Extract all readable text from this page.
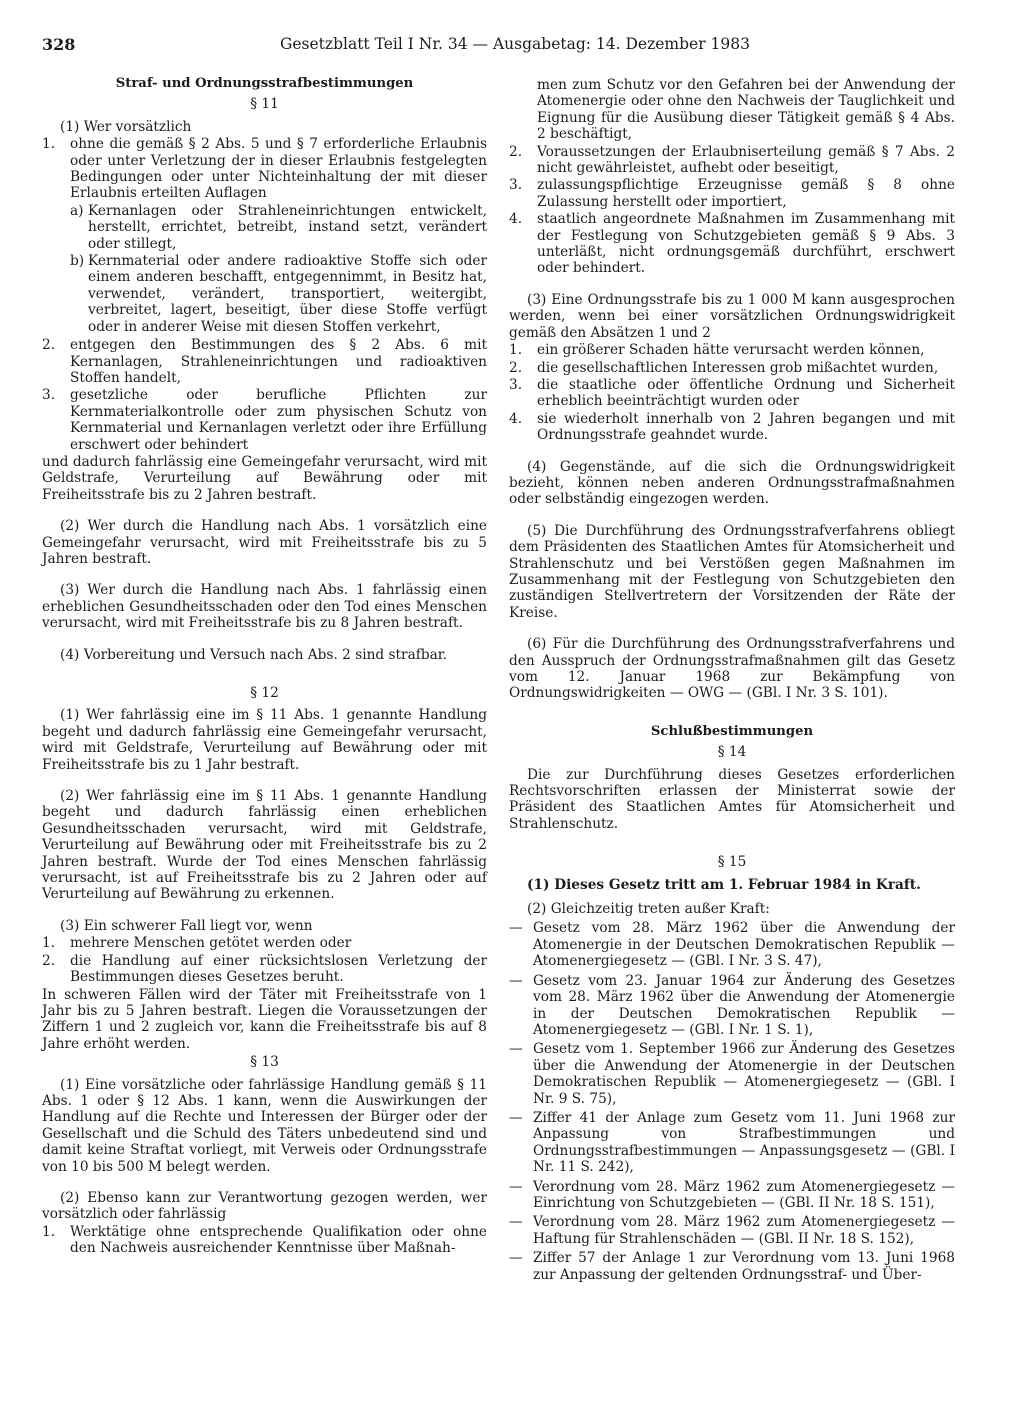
328	Gesetzblatt Teil I Nr. 34 — Ausgabetag: 14. Dezember 1983

Straf- und Ordnungsstrafbestimmungen

§ 11

(1) Wer vorsätzlich

1.	ohne die gemäß § 2 Abs. 5 und § 7 erforderliche Erlaubnis oder unter Verletzung der in dieser Erlaubnis festgelegten Bedingungen oder unter Nichteinhaltung der mit dieser Erlaubnis erteilten Auflagen
a) Kernanlagen oder Strahleneinrichtungen entwickelt, herstellt, errichtet, betreibt, instand setzt, verändert oder stillegt,
b) Kernmaterial oder andere radioaktive Stoffe sich oder einem anderen beschafft, entgegennimmt, in Besitz hat, verwendet, verändert, transportiert, weitergibt, verbreitet, lagert, beseitigt, über diese Stoffe verfügt oder in anderer Weise mit diesen Stoffen verkehrt,
2.	entgegen den Bestimmungen des § 2 Abs. 6 mit Kernanlagen, Strahleneinrichtungen und radioaktiven Stoffen handelt,
3.	gesetzliche oder berufliche Pflichten zur Kernmaterialkontrolle oder zum physischen Schutz von Kernmaterial und Kernanlagen verletzt oder ihre Erfüllung erschwert oder behindert

und dadurch fahrlässig eine Gemeingefahr verursacht, wird mit Geldstrafe, Verurteilung auf Bewährung oder mit Freiheitsstrafe bis zu 2 Jahren bestraft.

(2) Wer durch die Handlung nach Abs. 1 vorsätzlich eine Gemeingefahr verursacht, wird mit Freiheitsstrafe bis zu 5 Jahren bestraft.

(3) Wer durch die Handlung nach Abs. 1 fahrlässig einen erheblichen Gesundheitsschaden oder den Tod eines Menschen verursacht, wird mit Freiheitsstrafe bis zu 8 Jahren bestraft.

(4) Vorbereitung und Versuch nach Abs. 2 sind strafbar.

§ 12

(1) Wer fahrlässig eine im § 11 Abs. 1 genannte Handlung begeht und dadurch fahrlässig eine Gemeingefahr verursacht, wird mit Geldstrafe, Verurteilung auf Bewährung oder mit Freiheitsstrafe bis zu 1 Jahr bestraft.

(2) Wer fahrlässig eine im § 11 Abs. 1 genannte Handlung begeht und dadurch fahrlässig einen erheblichen Gesundheitsschaden verursacht, wird mit Geldstrafe, Verurteilung auf Bewährung oder mit Freiheitsstrafe bis zu 2 Jahren bestraft. Wurde der Tod eines Menschen fahrlässig verursacht, ist auf Freiheitsstrafe bis zu 2 Jahren oder auf Verurteilung auf Bewährung zu erkennen.

(3) Ein schwerer Fall liegt vor, wenn

1.	mehrere Menschen getötet werden oder
2.	die Handlung auf einer rücksichtslosen Verletzung der Bestimmungen dieses Gesetzes beruht.

In schweren Fällen wird der Täter mit Freiheitsstrafe von 1 Jahr bis zu 5 Jahren bestraft. Liegen die Voraussetzungen der Ziffern 1 und 2 zugleich vor, kann die Freiheitsstrafe bis auf 8 Jahre erhöht werden.

§ 13

(1) Eine vorsätzliche oder fahrlässige Handlung gemäß § 11 Abs. 1 oder § 12 Abs. 1 kann, wenn die Auswirkungen der Handlung auf die Rechte und Interessen der Bürger oder der Gesellschaft und die Schuld des Täters unbedeutend sind und damit keine Straftat vorliegt, mit Verweis oder Ordnungsstrafe von 10 bis 500 M belegt werden.

(2) Ebenso kann zur Verantwortung gezogen werden, wer vorsätzlich oder fahrlässig

1.	Werktätige ohne entsprechende Qualifikation oder ohne den Nachweis ausreichender Kenntnisse über Maßnah-
men zum Schutz vor den Gefahren bei der Anwendung der Atomenergie oder ohne den Nachweis der Tauglichkeit und Eignung für die Ausübung dieser Tätigkeit gemäß § 4 Abs. 2 beschäftigt,
2.	Voraussetzungen der Erlaubniserteilung gemäß § 7 Abs. 2 nicht gewährleistet, aufhebt oder beseitigt,
3.	zulassungspflichtige Erzeugnisse gemäß § 8 ohne Zulassung herstellt oder importiert,
4.	staatlich angeordnete Maßnahmen im Zusammenhang mit der Festlegung von Schutzgebieten gemäß § 9 Abs. 3 unterläßt, nicht ordnungsgemäß durchführt, erschwert oder behindert.

(3) Eine Ordnungsstrafe bis zu 1 000 M kann ausgesprochen werden, wenn bei einer vorsätzlichen Ordnungswidrigkeit gemäß den Absätzen 1 und 2

1.	ein größerer Schaden hätte verursacht werden können,
2.	die gesellschaftlichen Interessen grob mißachtet wurden,
3.	die staatliche oder öffentliche Ordnung und Sicherheit erheblich beeinträchtigt wurden oder
4.	sie wiederholt innerhalb von 2 Jahren begangen und mit Ordnungsstrafe geahndet wurde.

(4) Gegenstände, auf die sich die Ordnungswidrigkeit bezieht, können neben anderen Ordnungsstrafmaßnahmen oder selbständig eingezogen werden.

(5) Die Durchführung des Ordnungsstrafverfahrens obliegt dem Präsidenten des Staatlichen Amtes für Atomsicherheit und Strahlenschutz und bei Verstößen gegen Maßnahmen im Zusammenhang mit der Festlegung von Schutzgebieten den zuständigen Stellvertretern der Vorsitzenden der Räte der Kreise.

(6) Für die Durchführung des Ordnungsstrafverfahrens und den Ausspruch der Ordnungsstrafmaßnahmen gilt das Gesetz vom 12. Januar 1968 zur Bekämpfung von Ordnungswidrigkeiten — OWG — (GBl. I Nr. 3 S. 101).

Schlußbestimmungen

§ 14

Die zur Durchführung dieses Gesetzes erforderlichen Rechtsvorschriften erlassen der Ministerrat sowie der Präsident des Staatlichen Amtes für Atomsicherheit und Strahlenschutz.

§ 15

(1) Dieses Gesetz tritt am 1. Februar 1984 in Kraft.

(2) Gleichzeitig treten außer Kraft:

— Gesetz vom 28. März 1962 über die Anwendung der Atomenergie in der Deutschen Demokratischen Republik — Atomenergiegesetz — (GBl. I Nr. 3 S. 47),
— Gesetz vom 23. Januar 1964 zur Änderung des Gesetzes vom 28. März 1962 über die Anwendung der Atomenergie in der Deutschen Demokratischen Republik — Atomenergiegesetz — (GBl. I Nr. 1 S. 1),
— Gesetz vom 1. September 1966 zur Änderung des Gesetzes über die Anwendung der Atomenergie in der Deutschen Demokratischen Republik — Atomenergiegesetz — (GBl. I Nr. 9 S. 75),
— Ziffer 41 der Anlage zum Gesetz vom 11. Juni 1968 zur Anpassung von Strafbestimmungen und Ordnungsstrafbestimmungen — Anpassungsgesetz — (GBl. I Nr. 11 S. 242),
— Verordnung vom 28. März 1962 zum Atomenergiegesetz — Einrichtung von Schutzgebieten — (GBl. II Nr. 18 S. 151),
— Verordnung vom 28. März 1962 zum Atomenergiegesetz — Haftung für Strahlenschäden — (GBl. II Nr. 18 S. 152),
— Ziffer 57 der Anlage 1 zur Verordnung vom 13. Juni 1968 zur Anpassung der geltenden Ordnungsstraf- und Über-
